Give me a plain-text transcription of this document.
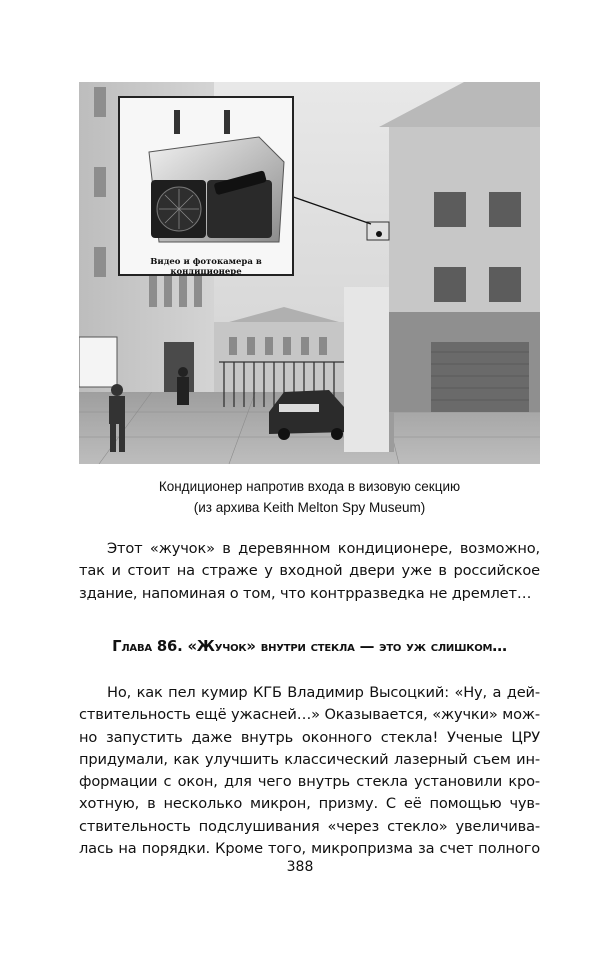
Видео и фотокамера в кондиционере
Кондиционер напротив входа в визовую секцию
(из архива Keith Melton Spy Museum)
Этот «жучок» в деревянном кондиционере, возможно,
так и стоит на страже у входной двери уже в российское
здание, напоминая о том, что контрразведка не дремлет…
Глава 86. «Жучок» внутри стекла — это уж слишком…
Но, как пел кумир КГБ Владимир Высоцкий: «Ну, а дей-
ствительность ещё ужасней…» Оказывается, «жучки» мож-
но запустить даже внутрь оконного стекла! Ученые ЦРУ
придумали, как улучшить классический лазерный съем ин-
формации с окон, для чего внутрь стекла установили кро-
хотную, в несколько микрон, призму. С её помощью чув-
ствительность подслушивания «через стекло» увеличива-
лась на порядки. Кроме того, микропризма за счет полного
388
